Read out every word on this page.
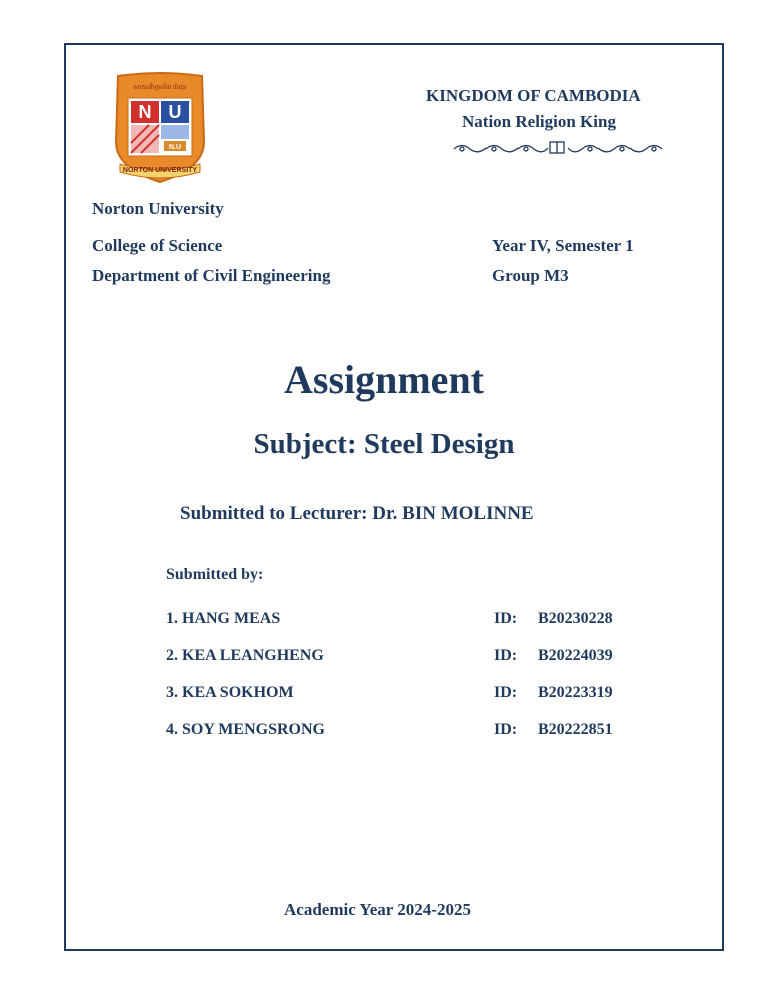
សាកលវិទ្យាល័យ ន័រតុន
N U
N.U
NORTON UNIVERSITY
KINGDOM OF CAMBODIA
Nation Religion King
Norton University
College of Science
Department of Civil Engineering
Year IV, Semester 1
Group M3
Assignment
Subject: Steel Design
Submitted to Lecturer: Dr. BIN MOLINNE
Submitted by:
1. HANG MEAS	ID: B20230228
2. KEA LEANGHENG	ID: B20224039
3. KEA SOKHOM	ID: B20223319
4. SOY MENGSRONG	ID: B20222851
Academic Year 2024-2025
